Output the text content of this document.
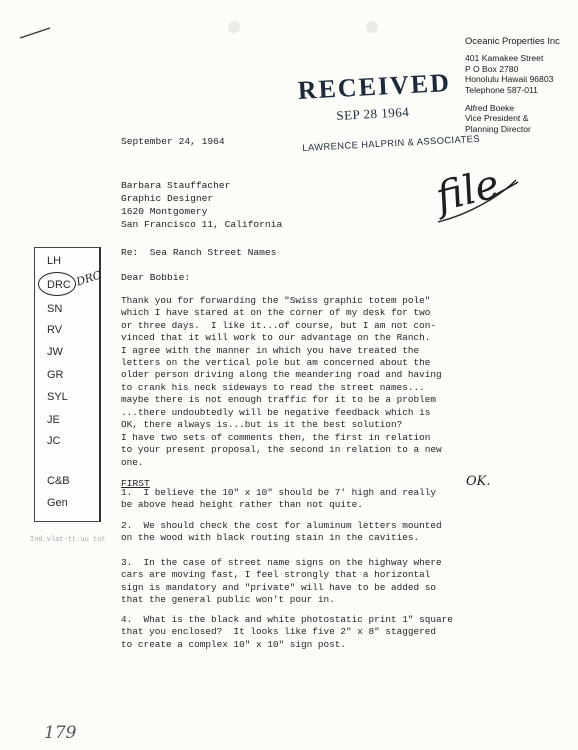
Ind.vlat-tt.uu tut
Oceanic Properties Inc
401 Kamakee Street
P O Box 2780
Honolulu Hawaii 96803
Telephone 587-011
Alfred Boeke
Vice President &
Planning Director
RECEIVED
SEP 28 1964
LAWRENCE HALPRIN & ASSOCIATES
file
September 24, 1964
Barbara Stauffacher
Graphic Designer
1620 Montgomery
San Francisco 11, California
Re:  Sea Ranch Street Names
Dear Bobbie:
Thank you for forwarding the "Swiss graphic totem pole"
which I have stared at on the corner of my desk for two
or three days.  I like it...of course, but I am not con-
vinced that it will work to our advantage on the Ranch.
I agree with the manner in which you have treated the
letters on the vertical pole but am concerned about the
older person driving along the meandering road and having
to crank his neck sideways to read the street names...
maybe there is not enough traffic for it to be a problem
...there undoubtedly will be negative feedback which is
OK, there always is...but is it the best solution?
I have two sets of comments then, the first in relation
to your present proposal, the second in relation to a new
one.
FIRST
1.  I believe the 10" x 10" should be 7' high and really
be above head height rather than not quite.
2.  We should check the cost for aluminum letters mounted
on the wood with black routing stain in the cavities.
3.  In the case of street name signs on the highway where
cars are moving fast, I feel strongly that a horizontal
sign is mandatory and "private" will have to be added so
that the general public won't pour in.
4.  What is the black and white photostatic print 1" square
that you enclosed?  It looks like five 2" x 8" staggered
to create a complex 10" x 10" sign post.
OK.
LH
DRC
SN
RV
JW
GR
SYL
JE
JC
C&B
Gen
DRC
179
